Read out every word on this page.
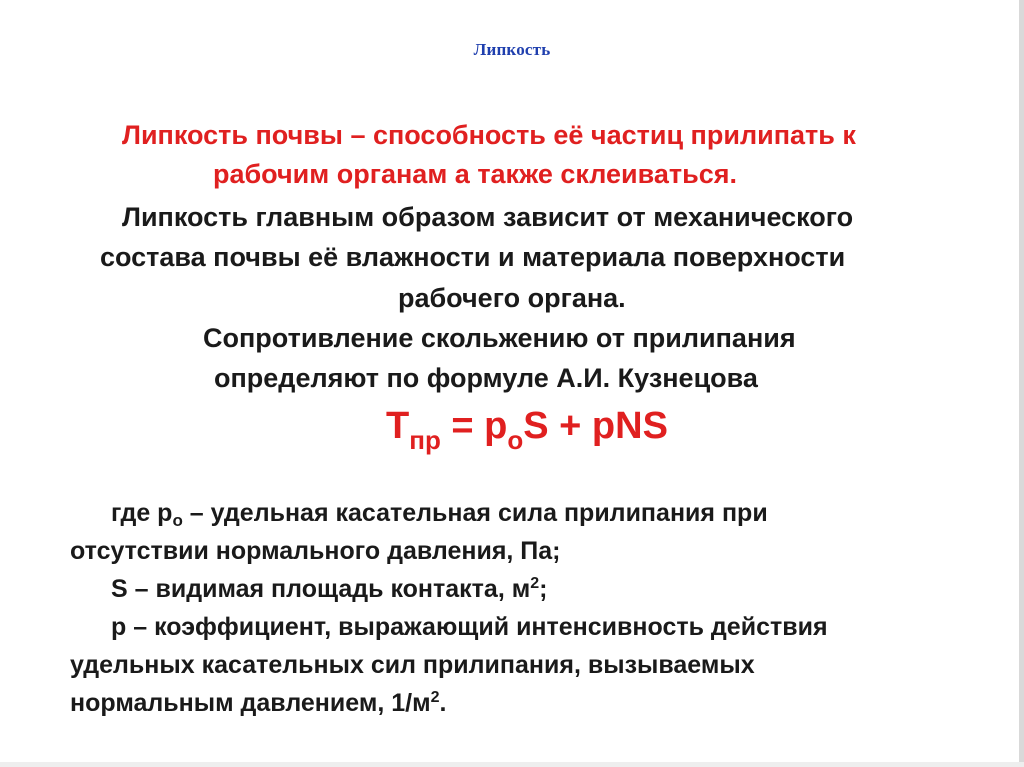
Липкость
Липкость почвы – способность её частиц прилипать к
рабочим органам а также склеиваться.
Липкость главным образом зависит от механического
состава почвы её влажности и материала поверхности
рабочего органа.
Сопротивление скольжению от прилипания
определяют по формуле А.И. Кузнецова
$Т_{пр} = р_оS$ + рNS
где $р_о$ – удельная касательная сила прилипания при
отсутствии нормального давления, Па;
S – видимая площадь контакта, $м^2$;
р – коэффициент, выражающий интенсивность действия
удельных касательных сил прилипания, вызываемых
нормальным давлением, $1/м^2$.
